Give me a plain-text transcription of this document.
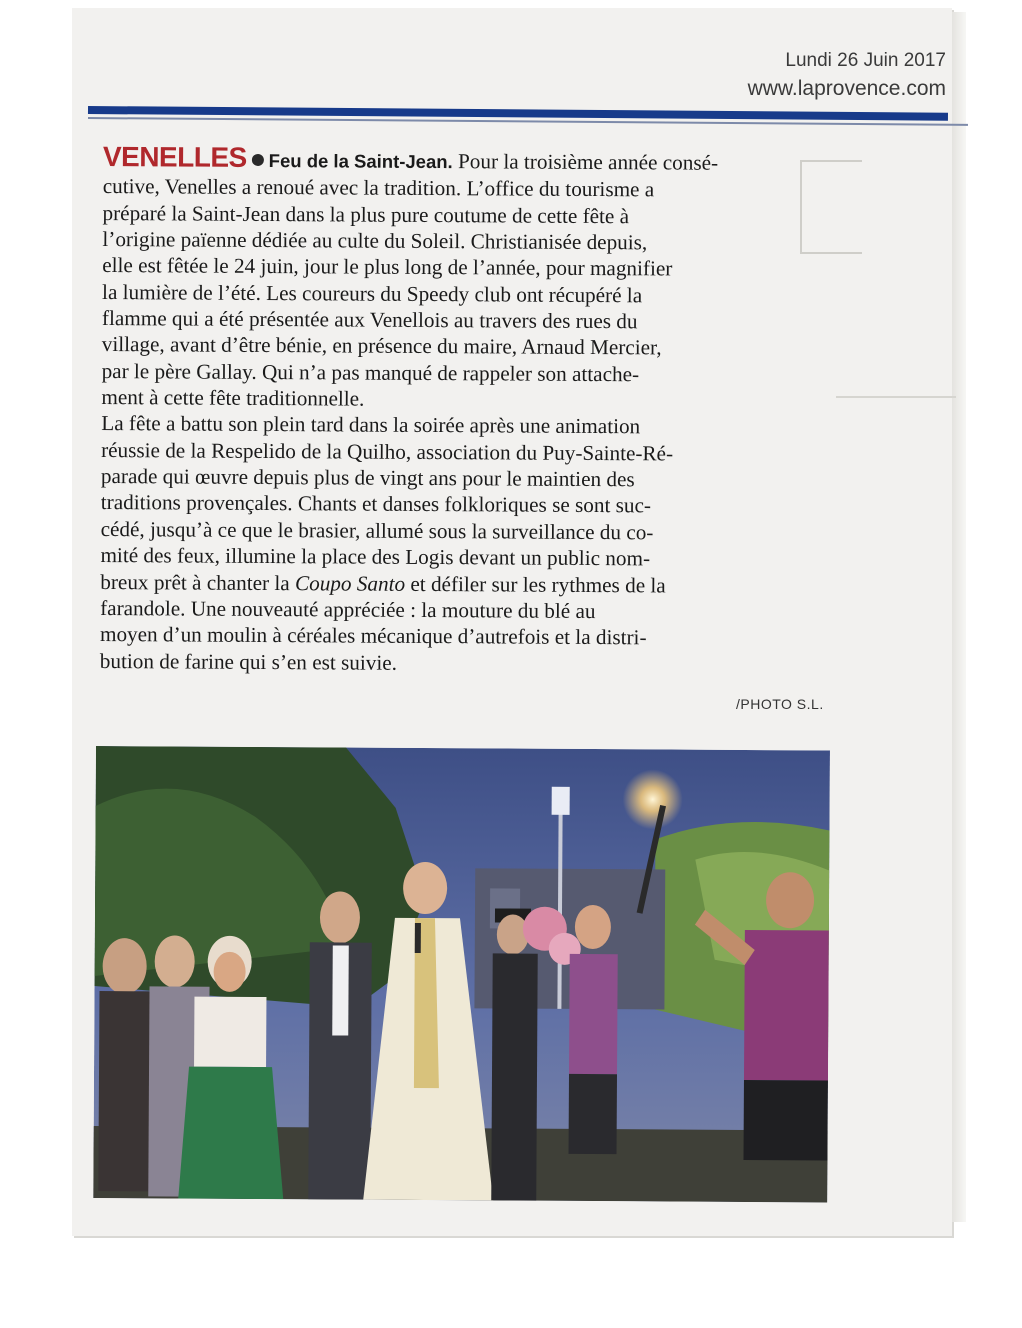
Lundi 26 Juin 2017
www.laprovence.com
VENELLES Feu de la Saint-Jean. Pour la troisième année consé-
cutive, Venelles a renoué avec la tradition. L’office du tourisme a
préparé la Saint-Jean dans la plus pure coutume de cette fête à
l’origine païenne dédiée au culte du Soleil. Christianisée depuis,
elle est fêtée le 24 juin, jour le plus long de l’année, pour magnifier
la lumière de l’été. Les coureurs du Speedy club ont récupéré la
flamme qui a été présentée aux Venellois au travers des rues du
village, avant d’être bénie, en présence du maire, Arnaud Mercier,
par le père Gallay. Qui n’a pas manqué de rappeler son attache-
ment à cette fête traditionnelle.
La fête a battu son plein tard dans la soirée après une animation
réussie de la Respelido de la Quilho, association du Puy-Sainte-Ré-
parade qui œuvre depuis plus de vingt ans pour le maintien des
traditions provençales. Chants et danses folkloriques se sont suc-
cédé, jusqu’à ce que le brasier, allumé sous la surveillance du co-
mité des feux, illumine la place des Logis devant un public nom-
breux prêt à chanter la Coupo Santo et défiler sur les rythmes de la
farandole. Une nouveauté appréciée : la mouture du blé au
moyen d’un moulin à céréales mécanique d’autrefois et la distri-
bution de farine qui s’en est suivie.
/PHOTO S.L.
